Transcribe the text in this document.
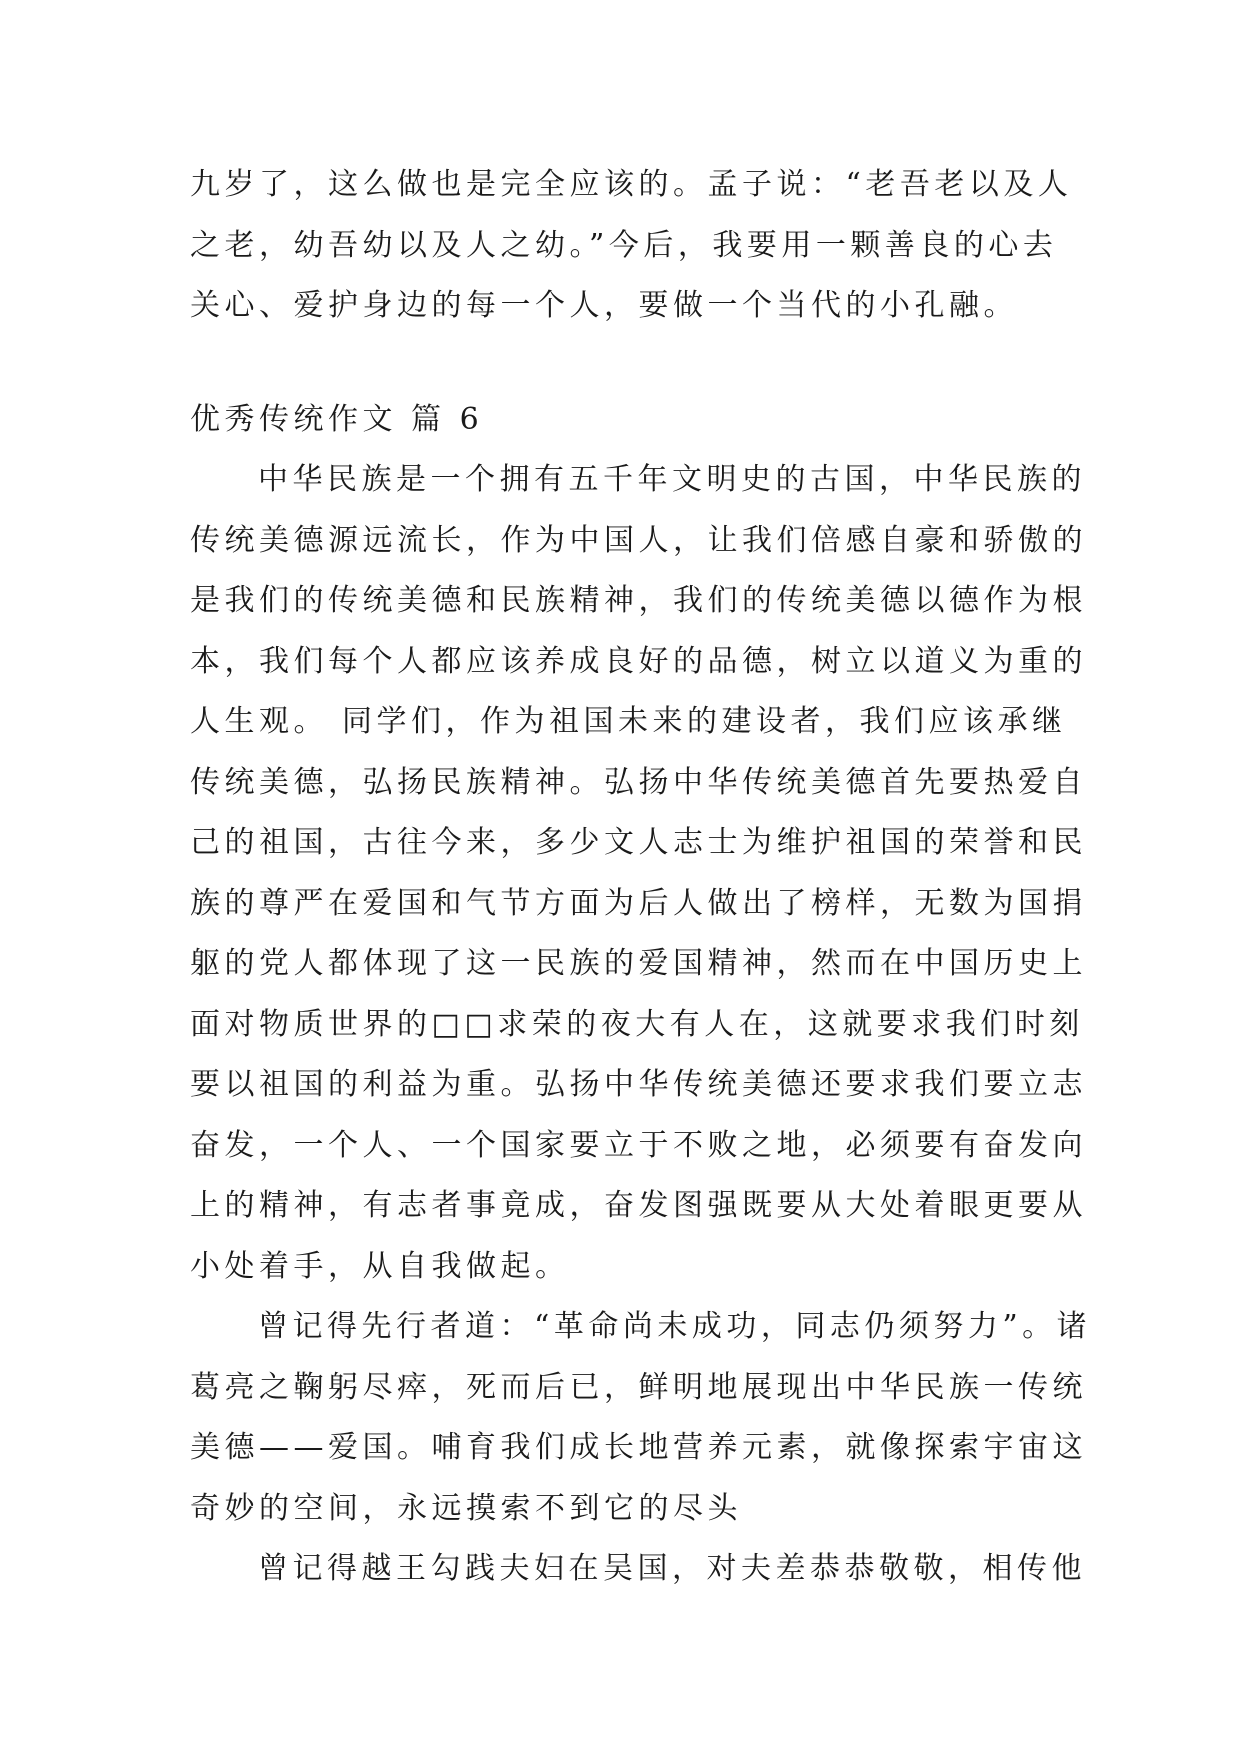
九岁了，这么做也是完全应该的。孟子说：“老吾老以及人
之老，幼吾幼以及人之幼。”今后，我要用一颗善良的心去
关心、爱护身边的每一个人，要做一个当代的小孔融。
优秀传统作文 篇 6
中华民族是一个拥有五千年文明史的古国，中华民族的
传统美德源远流长，作为中国人，让我们倍感自豪和骄傲的
是我们的传统美德和民族精神，我们的传统美德以德作为根
本，我们每个人都应该养成良好的品德，树立以道义为重的
人生观。 同学们，作为祖国未来的建设者，我们应该承继
传统美德，弘扬民族精神。弘扬中华传统美德首先要热爱自
己的祖国，古往今来，多少文人志士为维护祖国的荣誉和民
族的尊严在爱国和气节方面为后人做出了榜样，无数为国捐
躯的党人都体现了这一民族的爱国精神，然而在中国历史上
面对物质世界的□□求荣的夜大有人在，这就要求我们时刻
要以祖国的利益为重。弘扬中华传统美德还要求我们要立志
奋发，一个人、一个国家要立于不败之地，必须要有奋发向
上的精神，有志者事竟成，奋发图强既要从大处着眼更要从
小处着手，从自我做起。
曾记得先行者道：“革命尚未成功，同志仍须努力”。诸
葛亮之鞠躬尽瘁，死而后已，鲜明地展现出中华民族一传统
美德——爱国。哺育我们成长地营养元素，就像探索宇宙这
奇妙的空间，永远摸索不到它的尽头
曾记得越王勾践夫妇在吴国，对夫差恭恭敬敬，相传他
